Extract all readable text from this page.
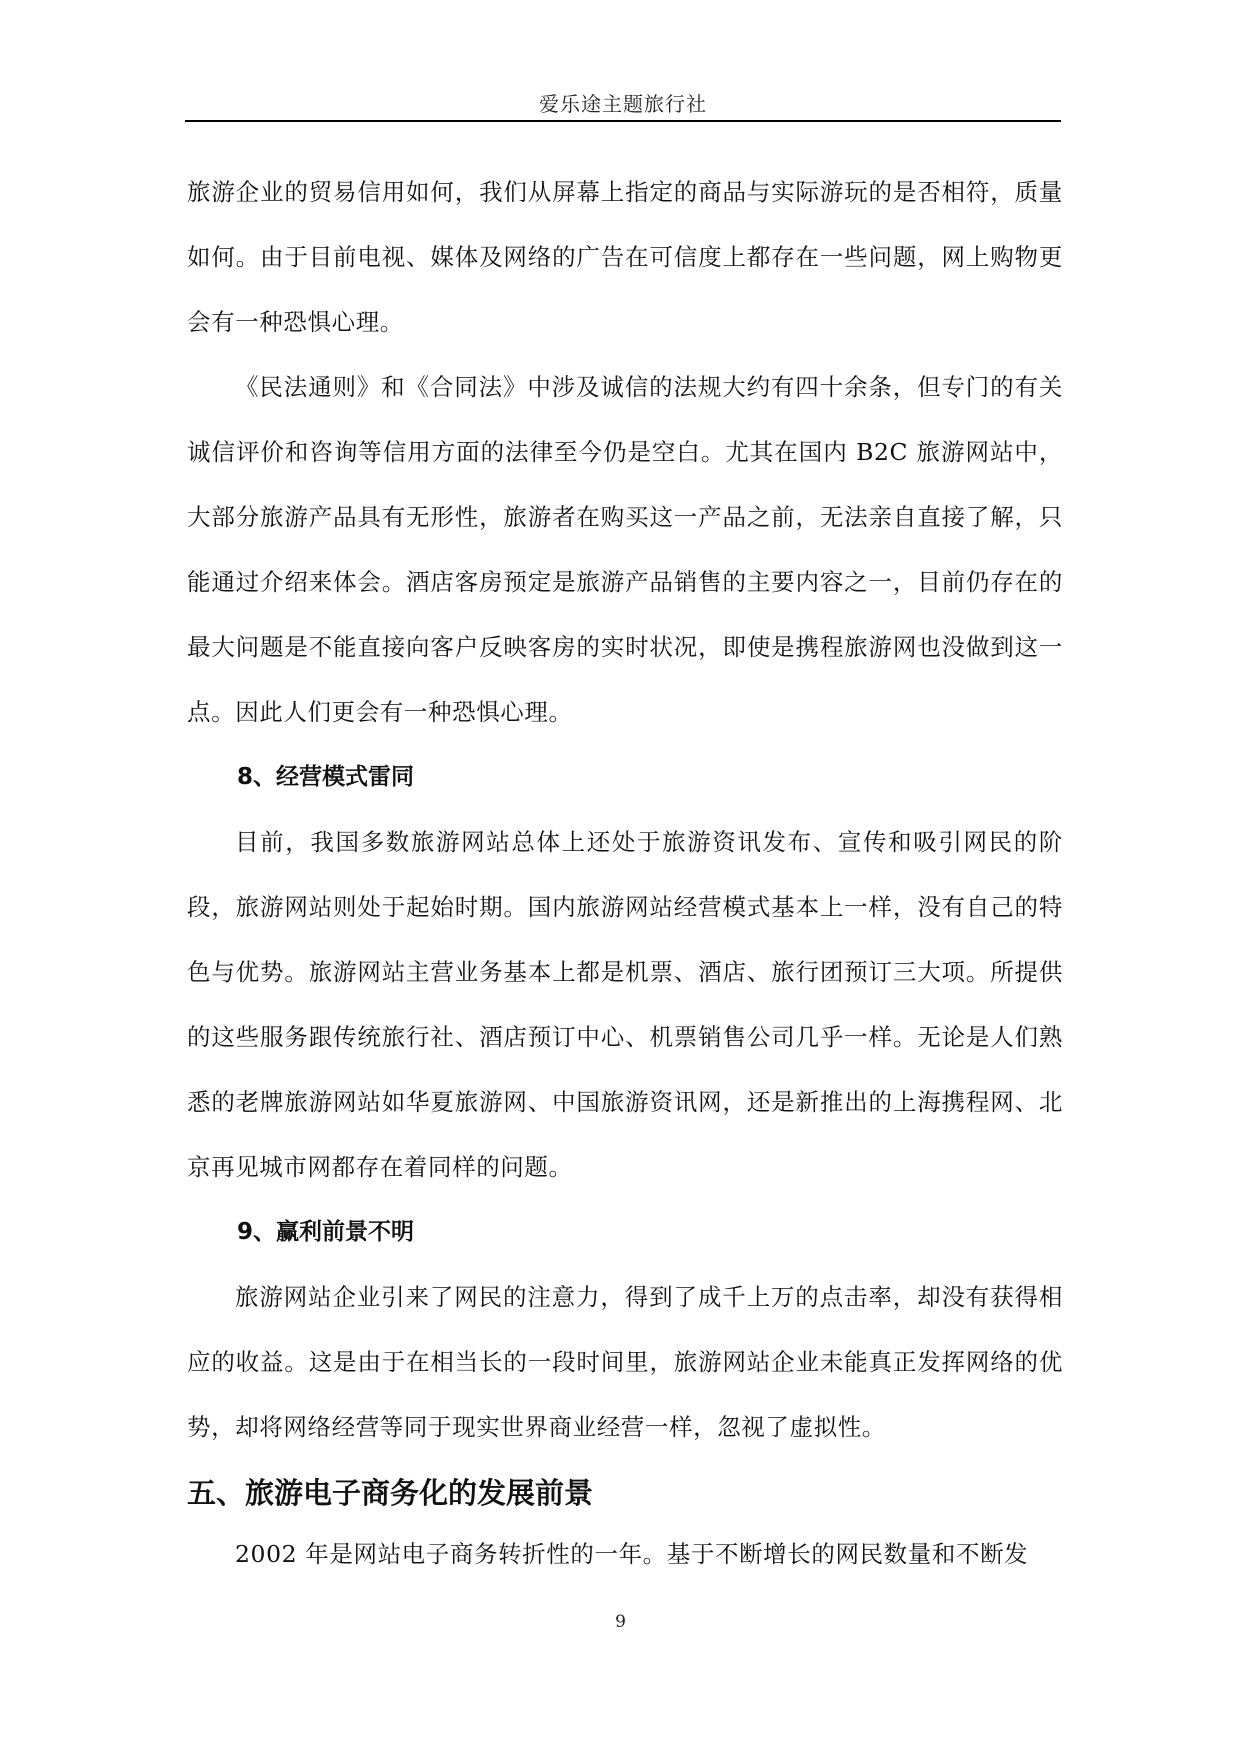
爱乐途主题旅行社

旅游企业的贸易信用如何，我们从屏幕上指定的商品与实际游玩的是否相符，质量如何。由于目前电视、媒体及网络的广告在可信度上都存在一些问题，网上购物更会有一种恐惧心理。

《民法通则》和《合同法》中涉及诚信的法规大约有四十余条，但专门的有关诚信评价和咨询等信用方面的法律至今仍是空白。尤其在国内 B2C 旅游网站中，大部分旅游产品具有无形性，旅游者在购买这一产品之前，无法亲自直接了解，只能通过介绍来体会。酒店客房预定是旅游产品销售的主要内容之一，目前仍存在的最大问题是不能直接向客户反映客房的实时状况，即使是携程旅游网也没做到这一点。因此人们更会有一种恐惧心理。

8、经营模式雷同

目前，我国多数旅游网站总体上还处于旅游资讯发布、宣传和吸引网民的阶段，旅游网站则处于起始时期。国内旅游网站经营模式基本上一样，没有自己的特色与优势。旅游网站主营业务基本上都是机票、酒店、旅行团预订三大项。所提供的这些服务跟传统旅行社、酒店预订中心、机票销售公司几乎一样。无论是人们熟悉的老牌旅游网站如华夏旅游网、中国旅游资讯网，还是新推出的上海携程网、北京再见城市网都存在着同样的问题。

9、赢利前景不明

旅游网站企业引来了网民的注意力，得到了成千上万的点击率，却没有获得相应的收益。这是由于在相当长的一段时间里，旅游网站企业未能真正发挥网络的优势，却将网络经营等同于现实世界商业经营一样，忽视了虚拟性。

五、旅游电子商务化的发展前景

2002 年是网站电子商务转折性的一年。基于不断增长的网民数量和不断发

9
